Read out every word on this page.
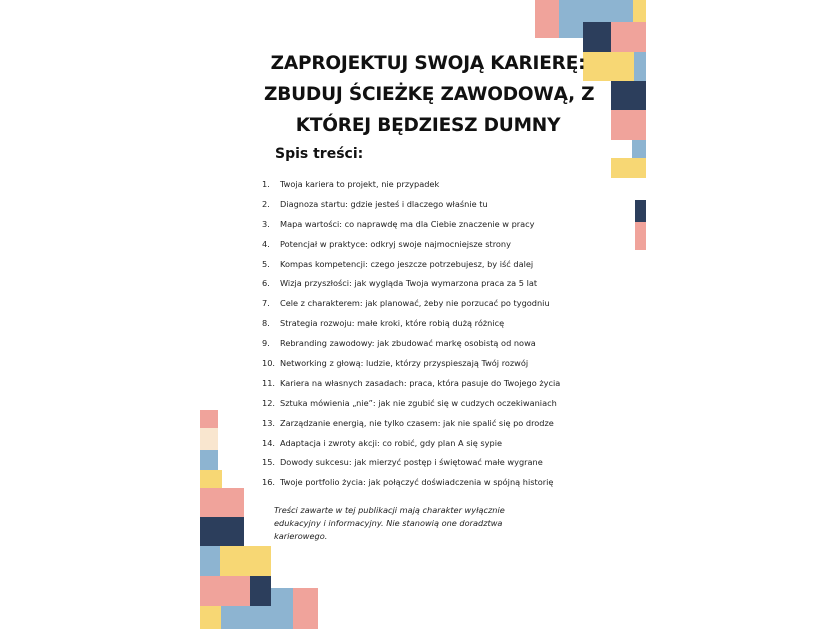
ZAPROJEKTUJ SWOJĄ KARIERĘ:
ZBUDUJ ŚCIEŻKĘ ZAWODOWĄ, Z
KTÓREJ BĘDZIESZ DUMNY
Spis treści:
1.	Twoja kariera to projekt, nie przypadek
2.	Diagnoza startu: gdzie jesteś i dlaczego właśnie tu
3.	Mapa wartości: co naprawdę ma dla Ciebie znaczenie w pracy
4.	Potencjał w praktyce: odkryj swoje najmocniejsze strony
5.	Kompas kompetencji: czego jeszcze potrzebujesz, by iść dalej
6.	Wizja przyszłości: jak wygląda Twoja wymarzona praca za 5 lat
7.	Cele z charakterem: jak planować, żeby nie porzucać po tygodniu
8.	Strategia rozwoju: małe kroki, które robią dużą różnicę
9.	Rebranding zawodowy: jak zbudować markę osobistą od nowa
10. Networking z głową: ludzie, którzy przyspieszają Twój rozwój
11. Kariera na własnych zasadach: praca, która pasuje do Twojego życia
12. Sztuka mówienia „nie”: jak nie zgubić się w cudzych oczekiwaniach
13. Zarządzanie energią, nie tylko czasem: jak nie spalić się po drodze
14. Adaptacja i zwroty akcji: co robić, gdy plan A się sypie
15. Dowody sukcesu: jak mierzyć postęp i świętować małe wygrane
16. Twoje portfolio życia: jak połączyć doświadczenia w spójną historię

Treści zawarte w tej publikacji mają charakter wyłącznie edukacyjny i informacyjny. Nie stanowią one doradztwa karierowego.
